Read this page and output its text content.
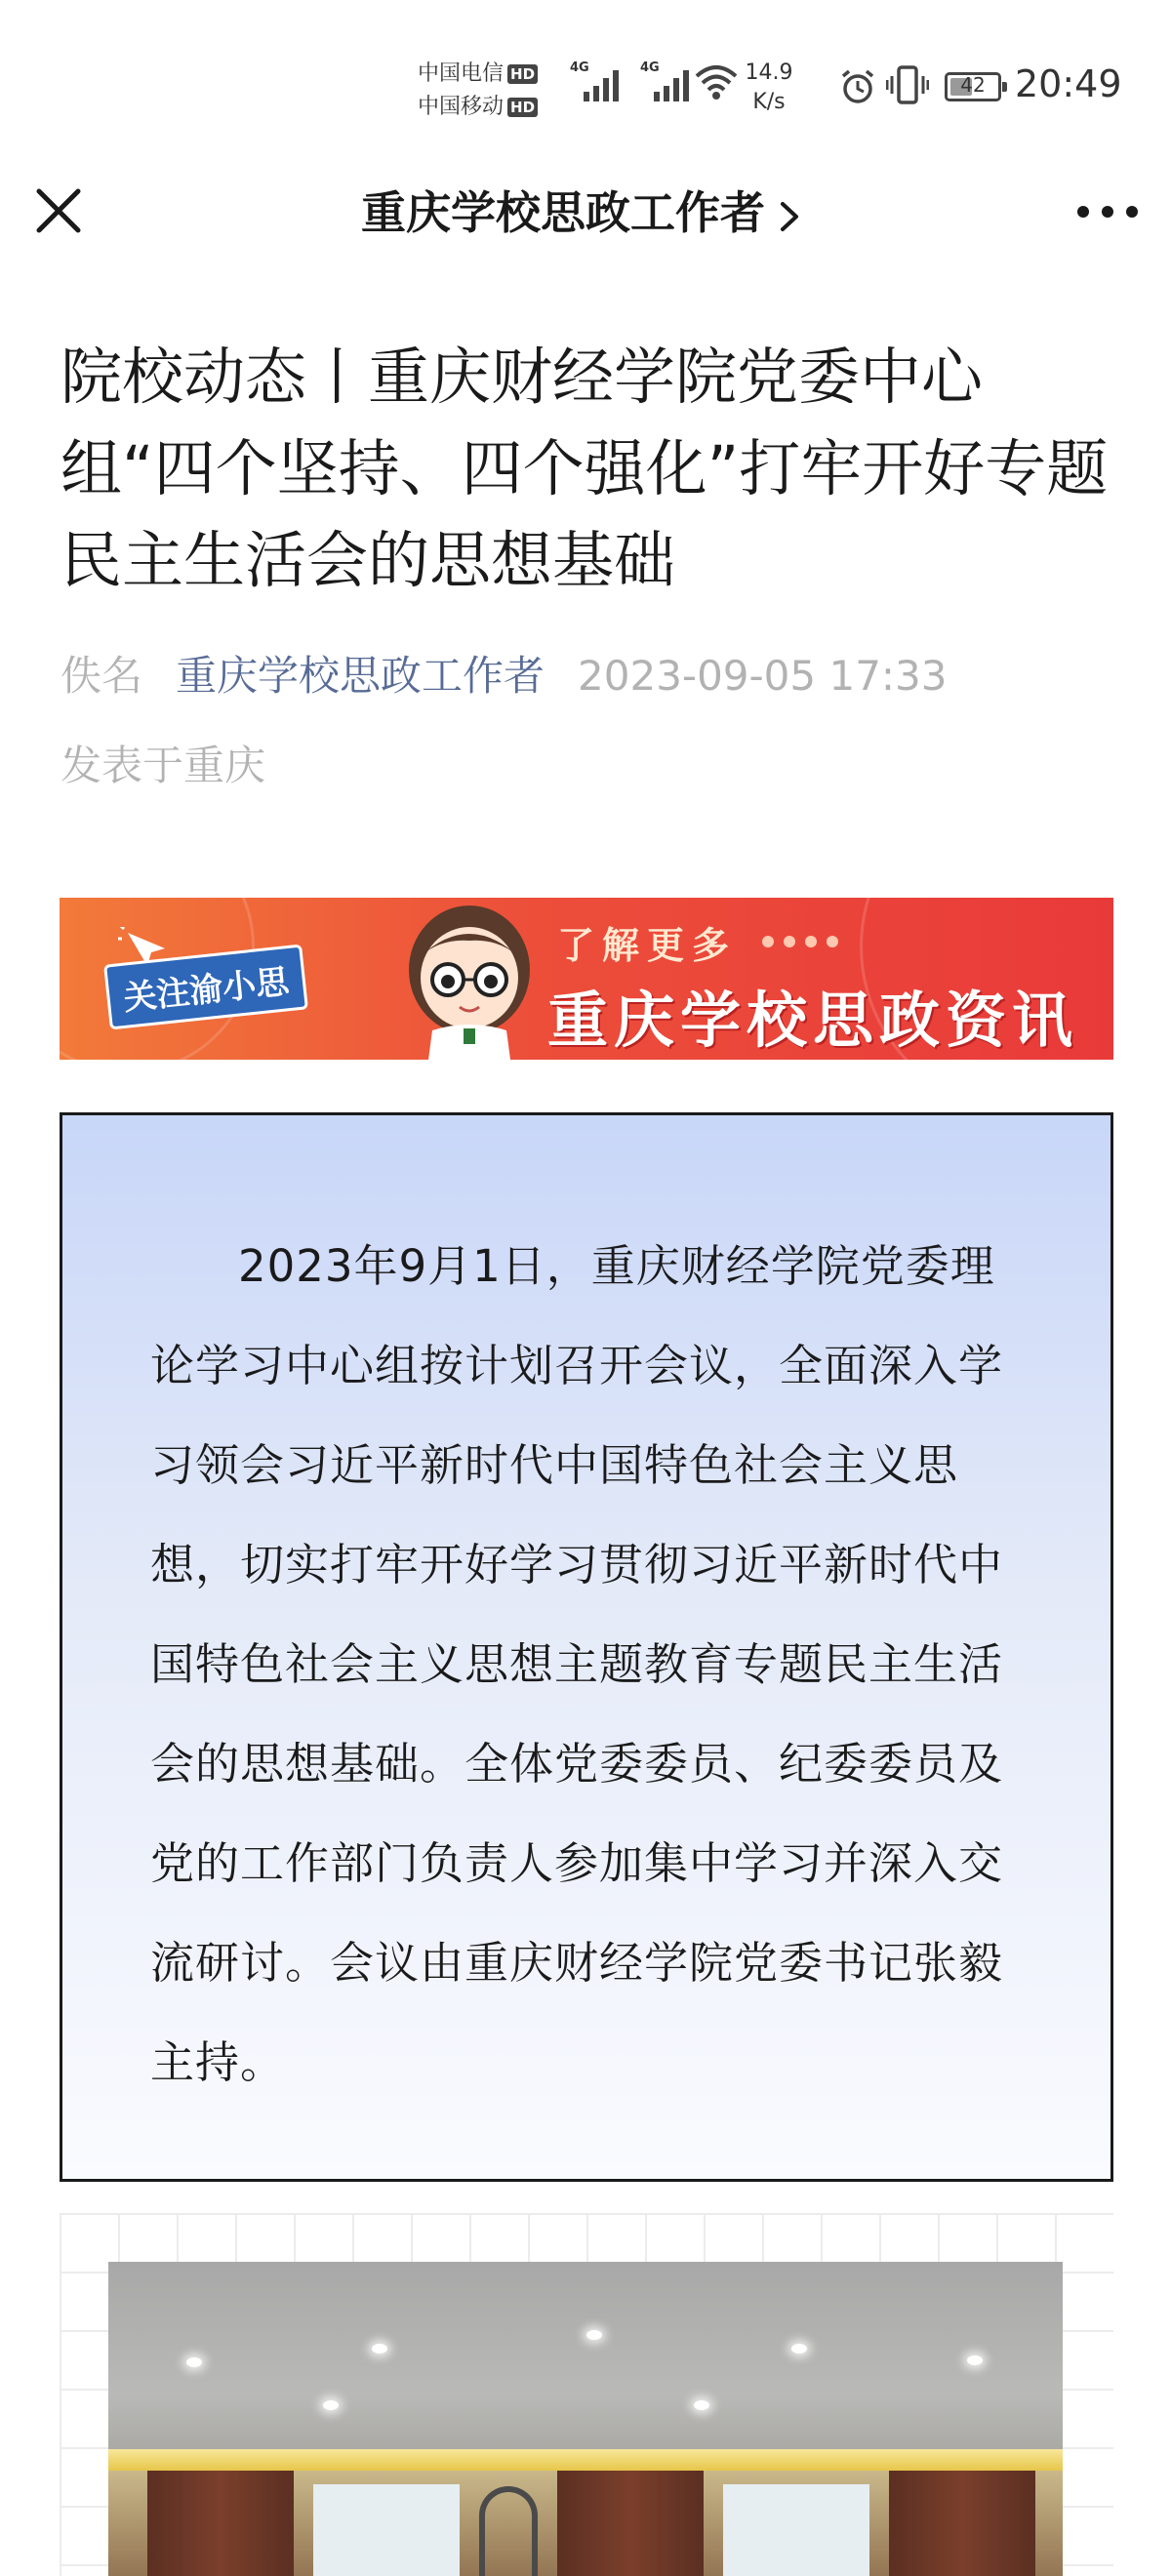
中国电信 HD
中国移动 HD
4G	4G	14.9
K/s
42 20:49
重庆学校思政工作者
院校动态丨重庆财经学院党委中心组“四个坚持、四个强化”打牢开好专题民主生活会的思想基础
佚名 重庆学校思政工作者 2023-09-05 17:33
发表于重庆
关注渝小思
了解更多
重庆学校思政资讯

2023年9月1日，重庆财经学院党委理论学习中心组按计划召开会议，全面深入学习领会习近平新时代中国特色社会主义思想，切实打牢开好学习贯彻习近平新时代中国特色社会主义思想主题教育专题民主生活会的思想基础。全体党委委员、纪委委员及党的工作部门负责人参加集中学习并深入交流研讨。会议由重庆财经学院党委书记张毅主持。
